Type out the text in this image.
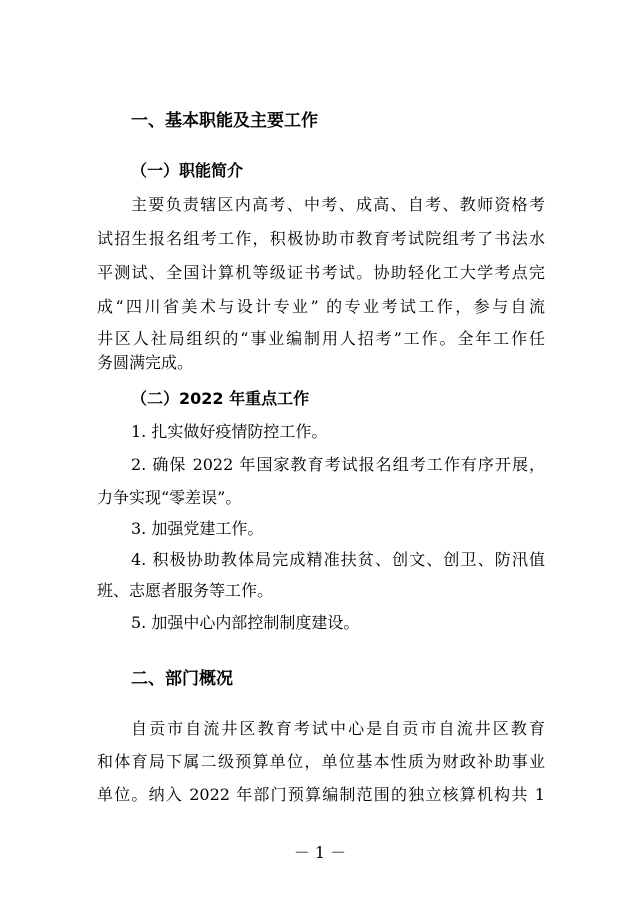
一、基本职能及主要工作
（一）职能简介
主要负责辖区内高考、中考、成高、自考、教师资格考
试招生报名组考工作，积极协助市教育考试院组考了书法水
平测试、全国计算机等级证书考试。协助轻化工大学考点完
成“四川省美术与设计专业” 的专业考试工作，参与自流
井区人社局组织的“事业编制用人招考”工作。全年工作任
务圆满完成。
（二）2022 年重点工作
1. 扎实做好疫情防控工作。
2. 确保 2022 年国家教育考试报名组考工作有序开展，
力争实现“零差误”。
3. 加强党建工作。
4. 积极协助教体局完成精准扶贫、创文、创卫、防汛值
班、志愿者服务等工作。
5. 加强中心内部控制制度建设。
二、部门概况
自贡市自流井区教育考试中心是自贡市自流井区教育
和体育局下属二级预算单位，单位基本性质为财政补助事业
单位。纳入 2022 年部门预算编制范围的独立核算机构共 1
－ 1 －
